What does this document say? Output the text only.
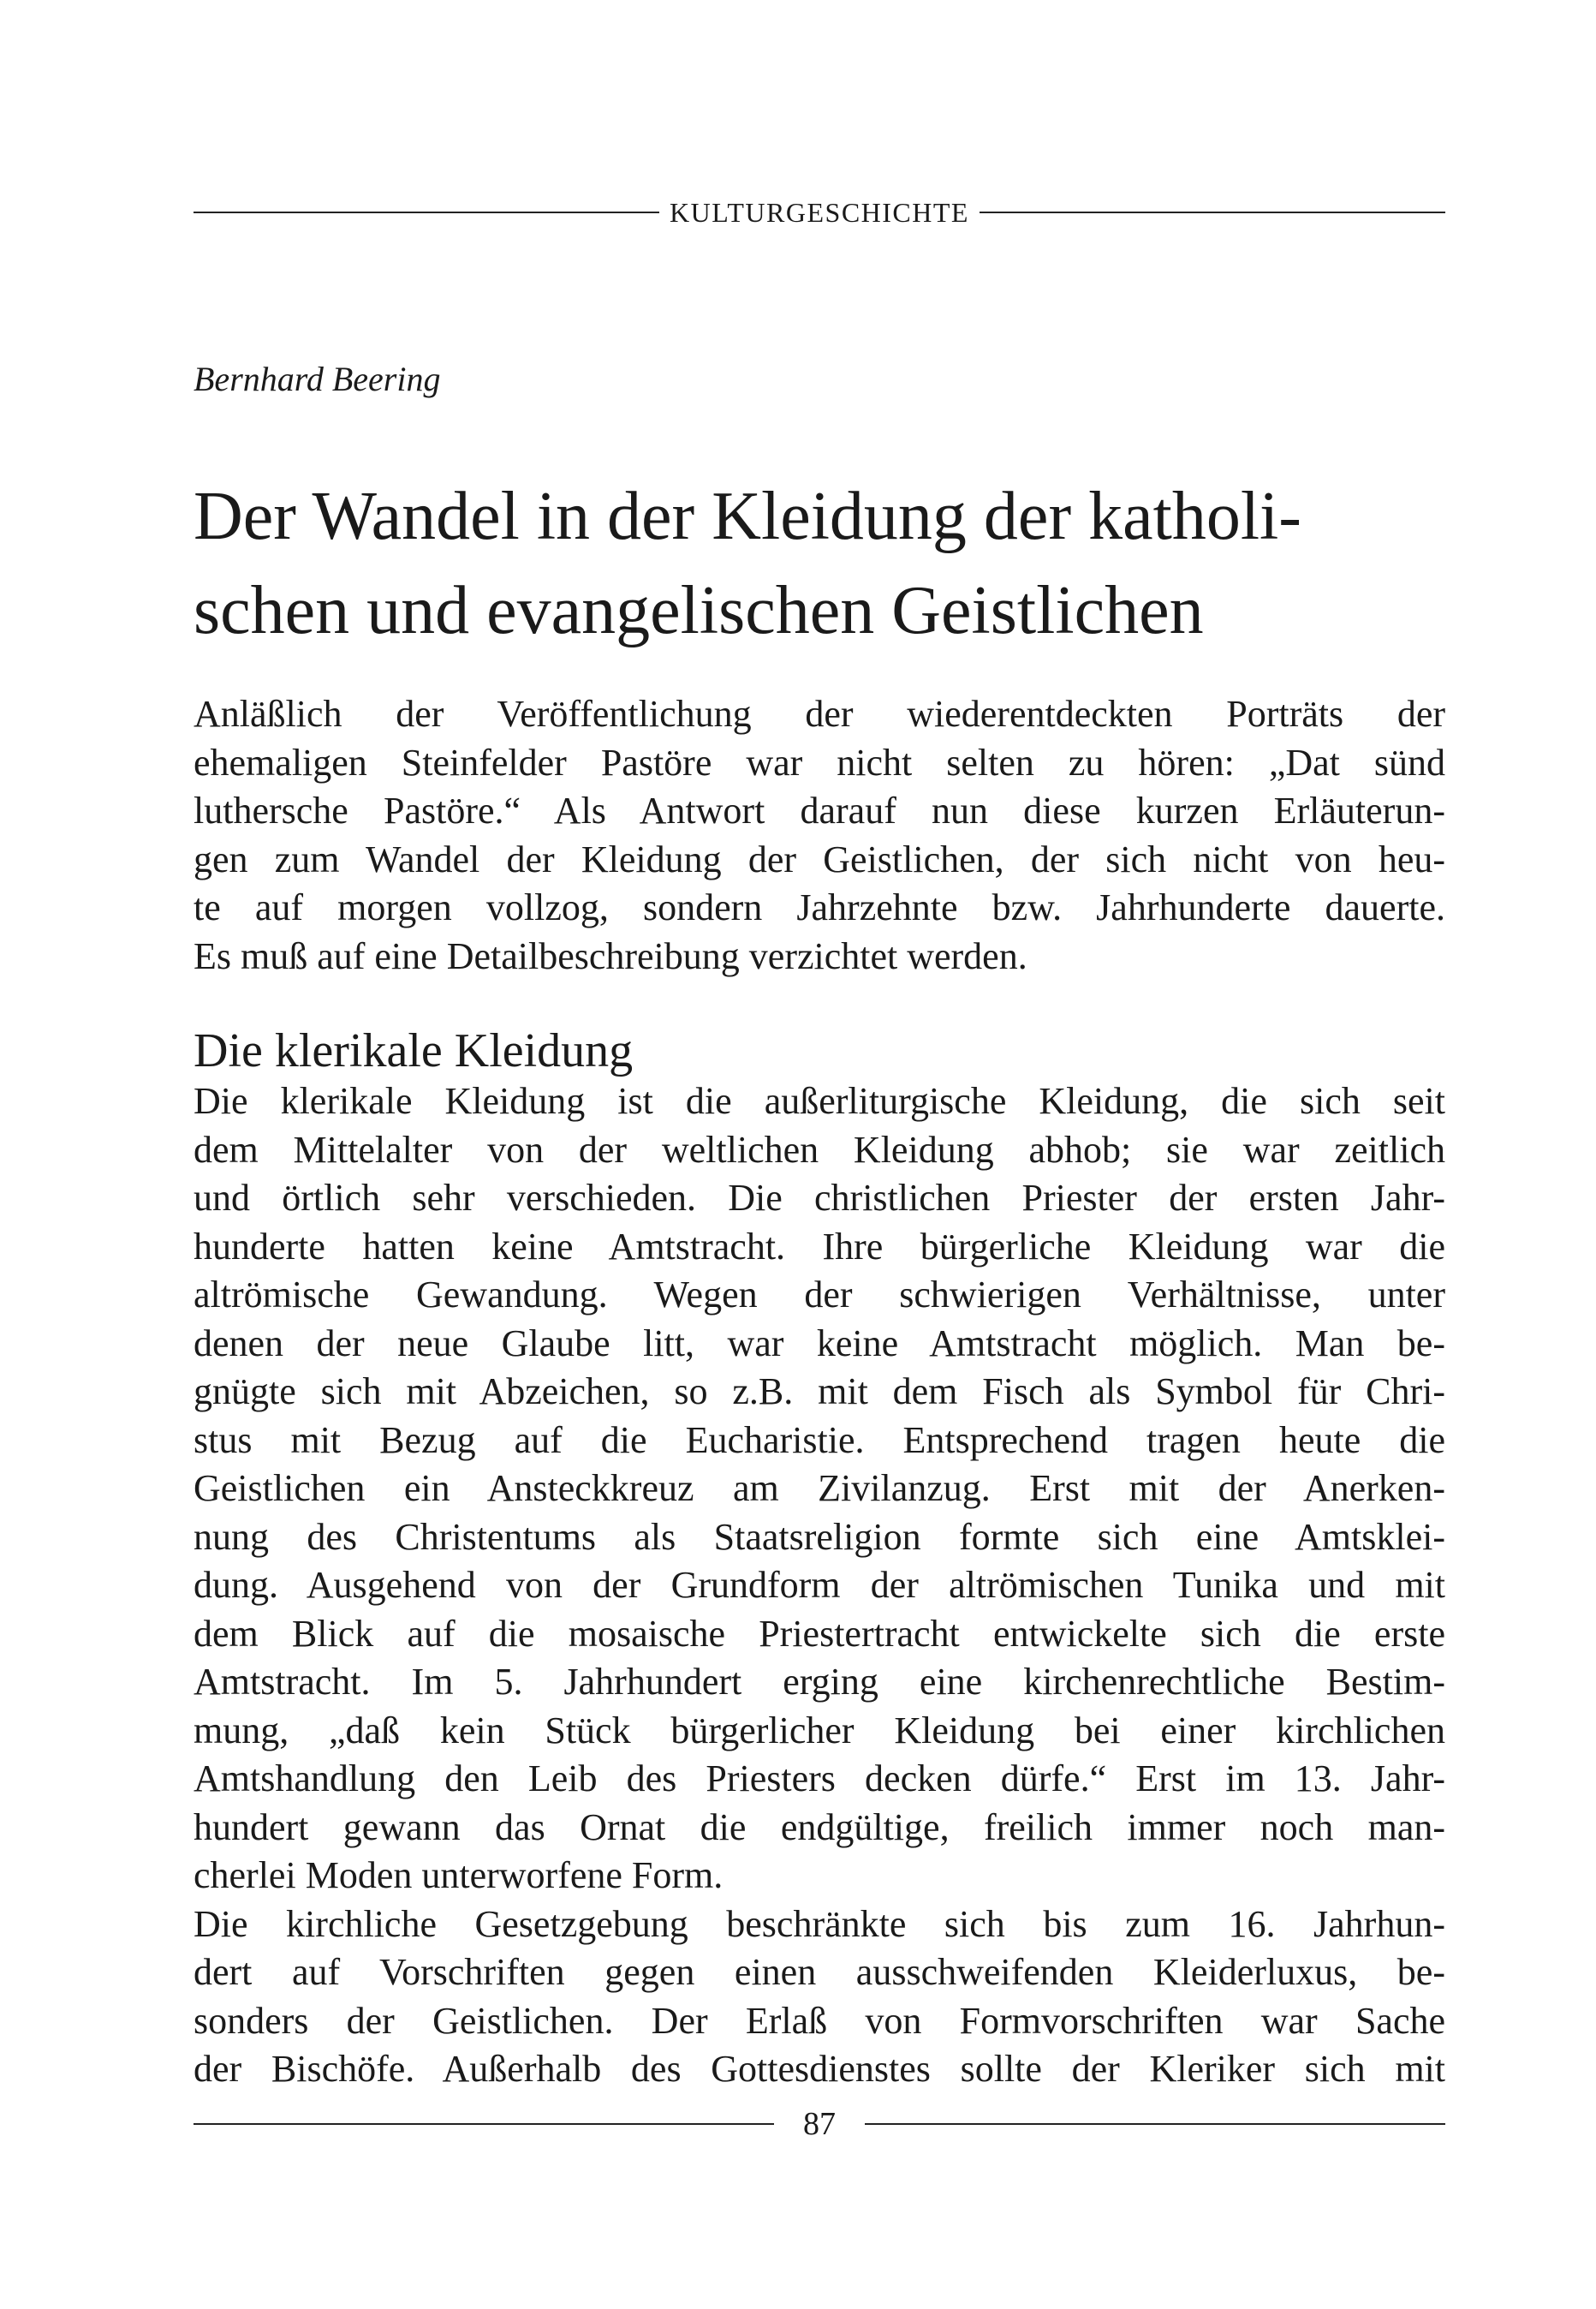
KULTURGESCHICHTE
Bernhard Beering
Der Wandel in der Kleidung der katholi-
schen und evangelischen Geistlichen
Anläßlich der Veröffentlichung der wiederentdeckten Porträts der
ehemaligen Steinfelder Pastöre war nicht selten zu hören: „Dat sünd
luthersche Pastöre.“ Als Antwort darauf nun diese kurzen Erläuterun-
gen zum Wandel der Kleidung der Geistlichen, der sich nicht von heu-
te auf morgen vollzog, sondern Jahrzehnte bzw. Jahrhunderte dauerte.
Es muß auf eine Detailbeschreibung verzichtet werden.
Die klerikale Kleidung
Die klerikale Kleidung ist die außerliturgische Kleidung, die sich seit
dem Mittelalter von der weltlichen Kleidung abhob; sie war zeitlich
und örtlich sehr verschieden. Die christlichen Priester der ersten Jahr-
hunderte hatten keine Amtstracht. Ihre bürgerliche Kleidung war die
altrömische Gewandung. Wegen der schwierigen Verhältnisse, unter
denen der neue Glaube litt, war keine Amtstracht möglich. Man be-
gnügte sich mit Abzeichen, so z.B. mit dem Fisch als Symbol für Chri-
stus mit Bezug auf die Eucharistie. Entsprechend tragen heute die
Geistlichen ein Ansteckkreuz am Zivilanzug. Erst mit der Anerken-
nung des Christentums als Staatsreligion formte sich eine Amtsklei-
dung. Ausgehend von der Grundform der altrömischen Tunika und mit
dem Blick auf die mosaische Priestertracht entwickelte sich die erste
Amtstracht. Im 5. Jahrhundert erging eine kirchenrechtliche Bestim-
mung, „daß kein Stück bürgerlicher Kleidung bei einer kirchlichen
Amtshandlung den Leib des Priesters decken dürfe.“ Erst im 13. Jahr-
hundert gewann das Ornat die endgültige, freilich immer noch man-
cherlei Moden unterworfene Form.
Die kirchliche Gesetzgebung beschränkte sich bis zum 16. Jahrhun-
dert auf Vorschriften gegen einen ausschweifenden Kleiderluxus, be-
sonders der Geistlichen. Der Erlaß von Formvorschriften war Sache
der Bischöfe. Außerhalb des Gottesdienstes sollte der Kleriker sich mit
87
